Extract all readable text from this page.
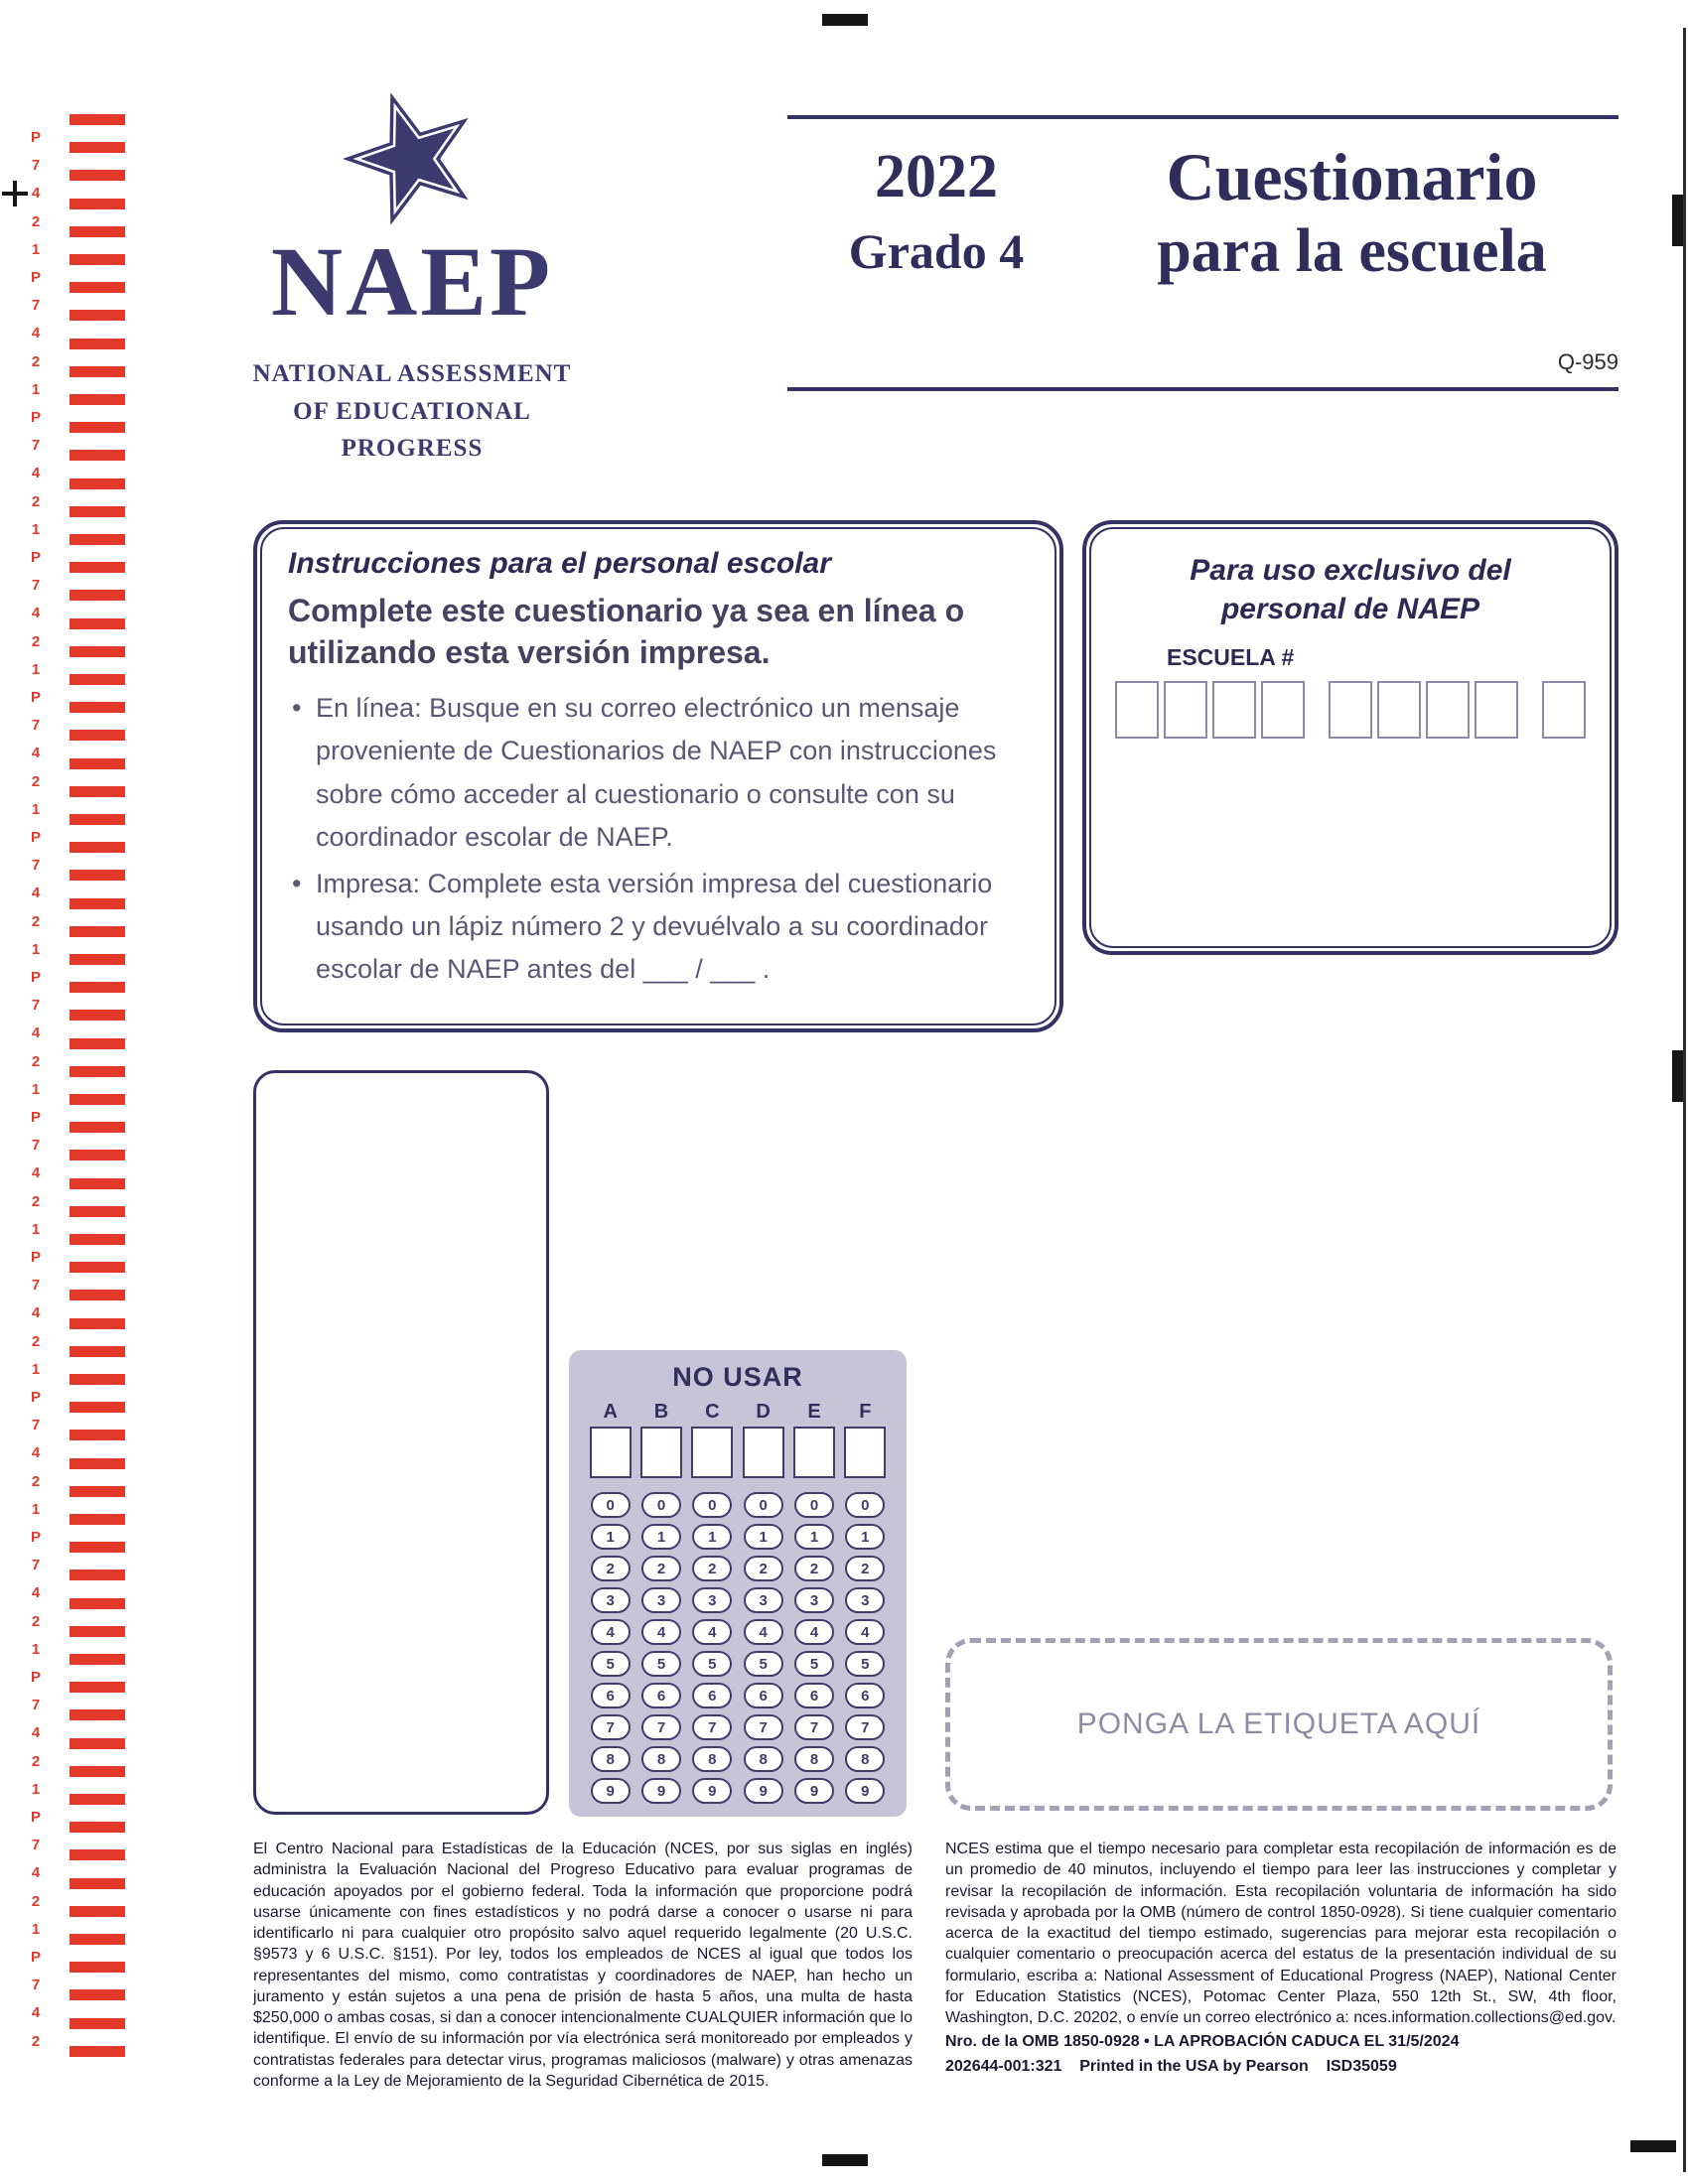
P
7
4
2
1
P
7
4
2
1
P
7
4
2
1
P
7
4
2
1
P
7
4
2
1
P
7
4
2
1
P
7
4
2
1
P
7
4
2
1
P
7
4
2
1
P
7
4
2
1
P
7
4
2
1
P
7
4
2
1
P
7
4
2
1
P
7
4
2
NAEP
NATIONAL ASSESSMENT
OF EDUCATIONAL
PROGRESS
2022
Grado 4
Cuestionario
para la escuela
Q-959
Instrucciones para el personal escolar
Complete este cuestionario ya sea en línea o utilizando esta versión impresa.
• En línea: Busque en su correo electrónico un mensaje proveniente de Cuestionarios de NAEP con instrucciones sobre cómo acceder al cuestionario o consulte con su coordinador escolar de NAEP.
• Impresa: Complete esta versión impresa del cuestionario usando un lápiz número 2 y devuélvalo a su coordinador escolar de NAEP antes del ___ / ___ .
Para uso exclusivo del
personal de NAEP
ESCUELA #
NO USAR
A	B	C	D	E	F
0	0	0	0	0	0
1	1	1	1	1	1
2	2	2	2	2	2
3	3	3	3	3	3
4	4	4	4	4	4
5	5	5	5	5	5
6	6	6	6	6	6
7	7	7	7	7	7
8	8	8	8	8	8
9	9	9	9	9	9
PONGA LA ETIQUETA AQUÍ
El Centro Nacional para Estadísticas de la Educación (NCES, por sus siglas en inglés) administra la Evaluación Nacional del Progreso Educativo para evaluar programas de educación apoyados por el gobierno federal. Toda la información que proporcione podrá usarse únicamente con fines estadísticos y no podrá darse a conocer o usarse ni para identificarlo ni para cualquier otro propósito salvo aquel requerido legalmente (20 U.S.C. §9573 y 6 U.S.C. §151). Por ley, todos los empleados de NCES al igual que todos los representantes del mismo, como contratistas y coordinadores de NAEP, han hecho un juramento y están sujetos a una pena de prisión de hasta 5 años, una multa de hasta $250,000 o ambas cosas, si dan a conocer intencionalmente CUALQUIER información que lo identifique. El envío de su información por vía electrónica será monitoreado por empleados y contratistas federales para detectar virus, programas maliciosos (malware) y otras amenazas conforme a la Ley de Mejoramiento de la Seguridad Cibernética de 2015.
NCES estima que el tiempo necesario para completar esta recopilación de información es de un promedio de 40 minutos, incluyendo el tiempo para leer las instrucciones y completar y revisar la recopilación de información. Esta recopilación voluntaria de información ha sido revisada y aprobada por la OMB (número de control 1850-0928). Si tiene cualquier comentario acerca de la exactitud del tiempo estimado, sugerencias para mejorar esta recopilación o cualquier comentario o preocupación acerca del estatus de la presentación individual de su formulario, escriba a: National Assessment of Educational Progress (NAEP), National Center for Education Statistics (NCES), Potomac Center Plaza, 550 12th St., SW, 4th floor, Washington, D.C. 20202, o envíe un correo electrónico a: nces.information.collections@ed.gov.
Nro. de la OMB 1850-0928 • LA APROBACIÓN CADUCA EL 31/5/2024
202644-001:321    Printed in the USA by Pearson    ISD35059
